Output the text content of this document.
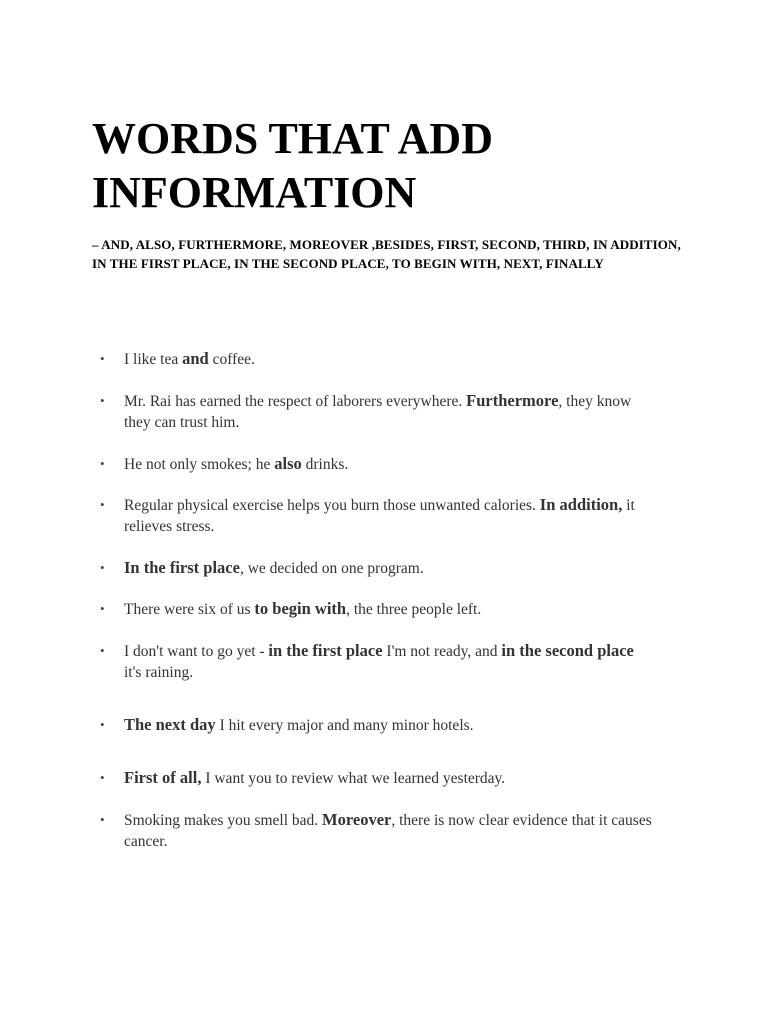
WORDS THAT ADD INFORMATION

– AND, ALSO, FURTHERMORE, MOREOVER ,BESIDES, FIRST, SECOND, THIRD, IN ADDITION, IN THE FIRST PLACE, IN THE SECOND PLACE, TO BEGIN WITH, NEXT, FINALLY

•	I like tea and coffee.
•	Mr. Rai has earned the respect of laborers everywhere. Furthermore, they know they can trust him.
•	He not only smokes; he also drinks.
•	Regular physical exercise helps you burn those unwanted calories. In addition, it relieves stress.
•	In the first place, we decided on one program.
•	There were six of us to begin with, the three people left.
•	I don't want to go yet - in the first place I'm not ready, and in the second place it's raining.
•	The next day I hit every major and many minor hotels.
•	First of all, I want you to review what we learned yesterday.
•	Smoking makes you smell bad. Moreover, there is now clear evidence that it causes cancer.
